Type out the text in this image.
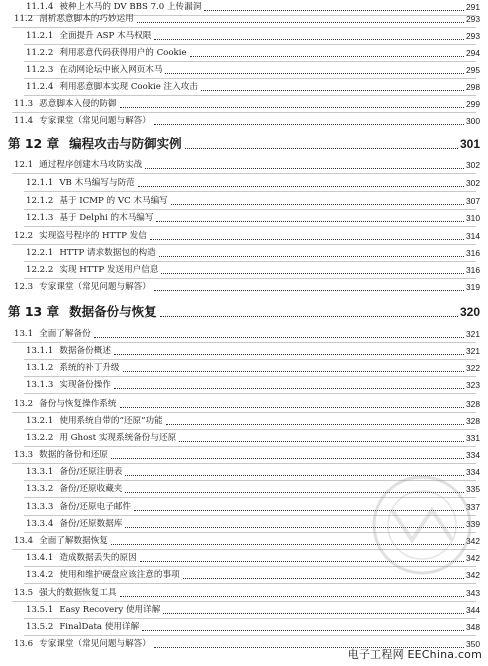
11.1.4 被种上木马的 DV BBS 7.0 上传漏洞	291
11.2 剖析恶意脚本的巧妙运用	293
11.2.1 全面提升 ASP 木马权限	293
11.2.2 利用恶意代码获得用户的 Cookie	294
11.2.3 在动网论坛中嵌入网页木马	295
11.2.4 利用恶意脚本实现 Cookie 注入攻击	298
11.3 恶意脚本入侵的防御	299
11.4 专家课堂（常见问题与解答）	300
第 12 章 编程攻击与防御实例	301
12.1 通过程序创建木马攻防实战	302
12.1.1 VB 木马编写与防范	302
12.1.2 基于 ICMP 的 VC 木马编写	307
12.1.3 基于 Delphi 的木马编写	310
12.2 实现盗号程序的 HTTP 发信	314
12.2.1 HTTP 请求数据包的构造	316
12.2.2 实现 HTTP 发送用户信息	316
12.3 专家课堂（常见问题与解答）	319
第 13 章 数据备份与恢复	320
13.1 全面了解备份	321
13.1.1 数据备份概述	321
13.1.2 系统的补丁升级	322
13.1.3 实现备份操作	323
13.2 备份与恢复操作系统	328
13.2.1 使用系统自带的“还原”功能	328
13.2.2 用 Ghost 实现系统备份与还原	331
13.3 数据的备份和还原	334
13.3.1 备份/还原注册表	334
13.3.2 备份/还原收藏夹	335
13.3.3 备份/还原电子邮件	337
13.3.4 备份/还原数据库	339
13.4 全面了解数据恢复	342
13.4.1 造成数据丢失的原因	342
13.4.2 使用和维护硬盘应该注意的事项	342
13.5 强大的数据恢复工具	343
13.5.1 Easy Recovery 使用详解	344
13.5.2 FinalData 使用详解	348
13.6 专家课堂（常见问题与解答）	350
电子工程网 EEChina.com
